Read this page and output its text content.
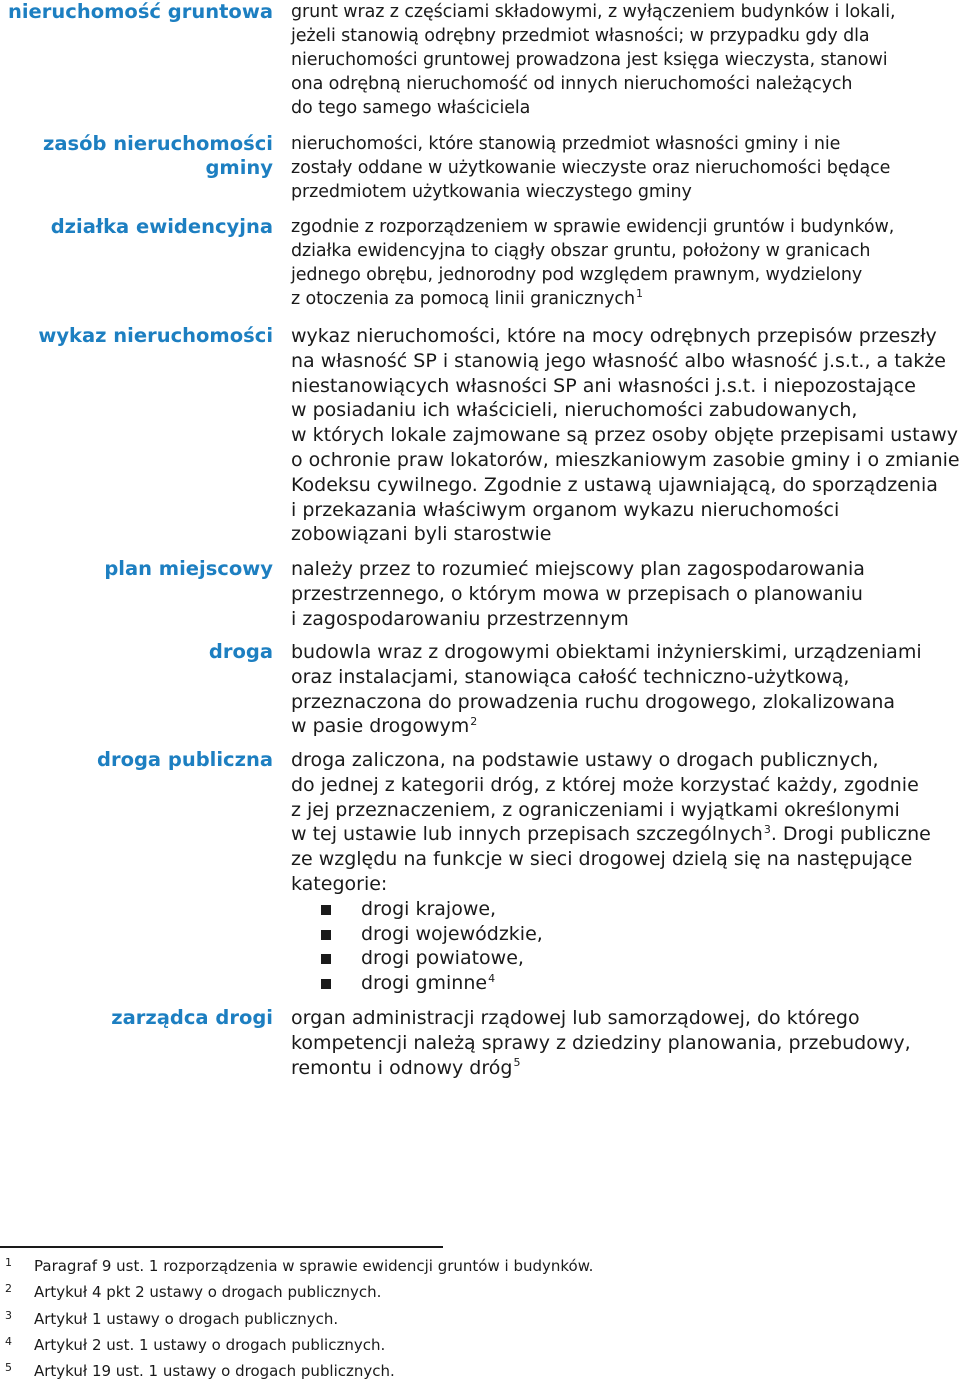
nieruchomość gruntowa grunt wraz z częściami składowymi, z wyłączeniem budynków i lokali,
jeżeli stanowią odrębny przedmiot własności; w przypadku gdy dla
nieruchomości gruntowej prowadzona jest księga wieczysta, stanowi
ona odrębną nieruchomość od innych nieruchomości należących
do tego samego właściciela
zasób nieruchomości
gminy
nieruchomości, które stanowią przedmiot własności gminy i nie
zostały oddane w użytkowanie wieczyste oraz nieruchomości będące
przedmiotem użytkowania wieczystego gminy
działka ewidencyjna zgodnie z rozporządzeniem w sprawie ewidencji gruntów i budynków,
działka ewidencyjna to ciągły obszar gruntu, położony w granicach
jednego obrębu, jednorodny pod względem prawnym, wydzielony
z otoczenia za pomocą linii granicznych$^1$
wykaz nieruchomości wykaz nieruchomości, które na mocy odrębnych przepisów przeszły
na własność SP i stanowią jego własność albo własność j.s.t., a także
niestanowiących własności SP ani własności j.s.t. i niepozostające
w posiadaniu ich właścicieli, nieruchomości zabudowanych,
w których lokale zajmowane są przez osoby objęte przepisami ustawy
o ochronie praw lokatorów, mieszkaniowym zasobie gminy i o zmianie
Kodeksu cywilnego. Zgodnie z ustawą ujawniającą, do sporządzenia
i przekazania właściwym organom wykazu nieruchomości
zobowiązani byli starostwie
plan miejscowy należy przez to rozumieć miejscowy plan zagospodarowania
przestrzennego, o którym mowa w przepisach o planowaniu
i zagospodarowaniu przestrzennym
droga budowla wraz z drogowymi obiektami inżynierskimi, urządzeniami
oraz instalacjami, stanowiąca całość techniczno-użytkową,
przeznaczona do prowadzenia ruchu drogowego, zlokalizowana
w pasie drogowym$^2$
droga publiczna droga zaliczona, na podstawie ustawy o drogach publicznych,
do jednej z kategorii dróg, z której może korzystać każdy, zgodnie
z jej przeznaczeniem, z ograniczeniami i wyjątkami określonymi
w tej ustawie lub innych przepisach szczególnych$^3$. Drogi publiczne
ze względu na funkcje w sieci drogowej dzielą się na następujące
kategorie:
drogi krajowe,
drogi wojewódzkie,
drogi powiatowe,
drogi gminne$^4$
zarządca drogi organ administracji rządowej lub samorządowej, do którego
kompetencji należą sprawy z dziedziny planowania, przebudowy,
remontu i odnowy dróg$^5$
1 Paragraf 9 ust. 1 rozporządzenia w sprawie ewidencji gruntów i budynków.
2 Artykuł 4 pkt 2 ustawy o drogach publicznych.
3 Artykuł 1 ustawy o drogach publicznych.
4 Artykuł 2 ust. 1 ustawy o drogach publicznych.
5 Artykuł 19 ust. 1 ustawy o drogach publicznych.
